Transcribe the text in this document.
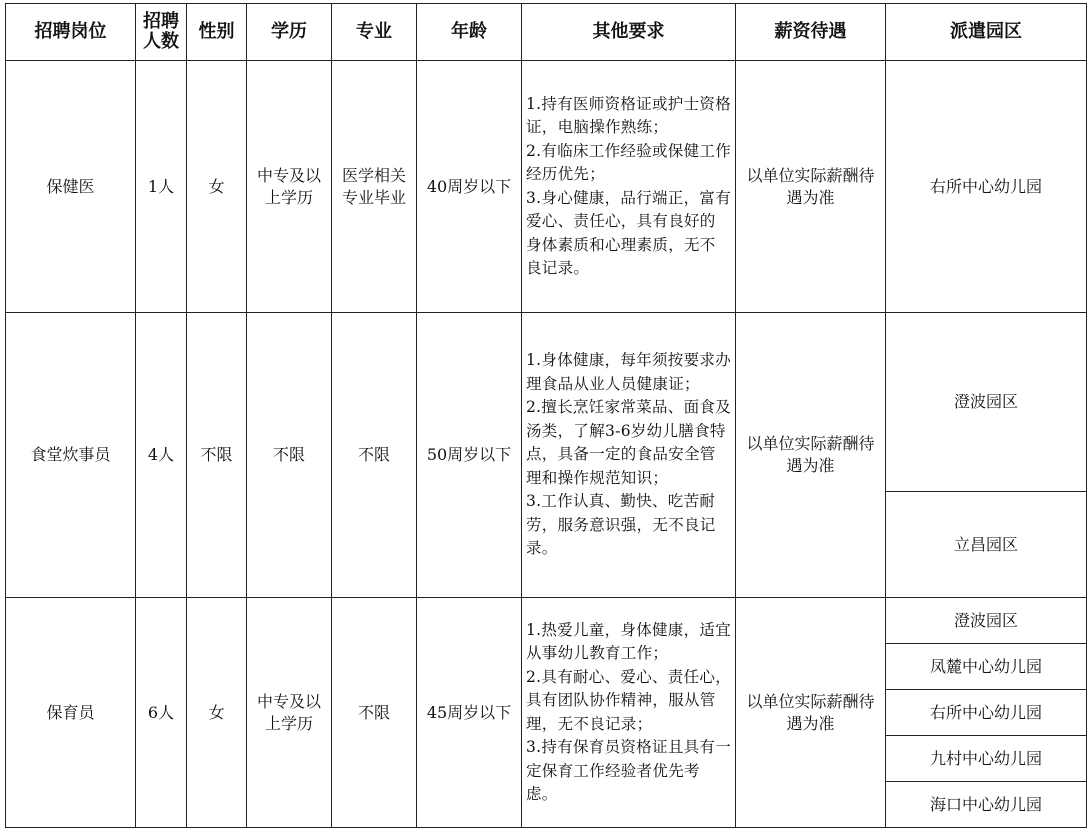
招聘岗位	招聘人数	性别	学历	专业	年龄	其他要求	薪资待遇	派遣园区
保健医	1人	女	中专及以上学历	医学相关专业毕业	40周岁以下	1.持有医师资格证或护士资格证，电脑操作熟练；
2.有临床工作经验或保健工作经历优先；
3.身心健康，品行端正，富有爱心、责任心，具有良好的身体素质和心理素质，无不良记录。	以单位实际薪酬待遇为准	右所中心幼儿园
食堂炊事员	4人	不限	不限	不限	50周岁以下	1.身体健康，每年须按要求办理食品从业人员健康证；
2.擅长烹饪家常菜品、面食及汤类，了解3-6岁幼儿膳食特点，具备一定的食品安全管理和操作规范知识；
3.工作认真、勤快、吃苦耐劳，服务意识强，无不良记录。	以单位实际薪酬待遇为准	澄波园区
								立昌园区
保育员	6人	女	中专及以上学历	不限	45周岁以下	1.热爱儿童，身体健康，适宜从事幼儿教育工作；
2.具有耐心、爱心、责任心，具有团队协作精神，服从管理，无不良记录；
3.持有保育员资格证且具有一定保育工作经验者优先考虑。	以单位实际薪酬待遇为准	澄波园区
								凤麓中心幼儿园
								右所中心幼儿园
								九村中心幼儿园
								海口中心幼儿园
